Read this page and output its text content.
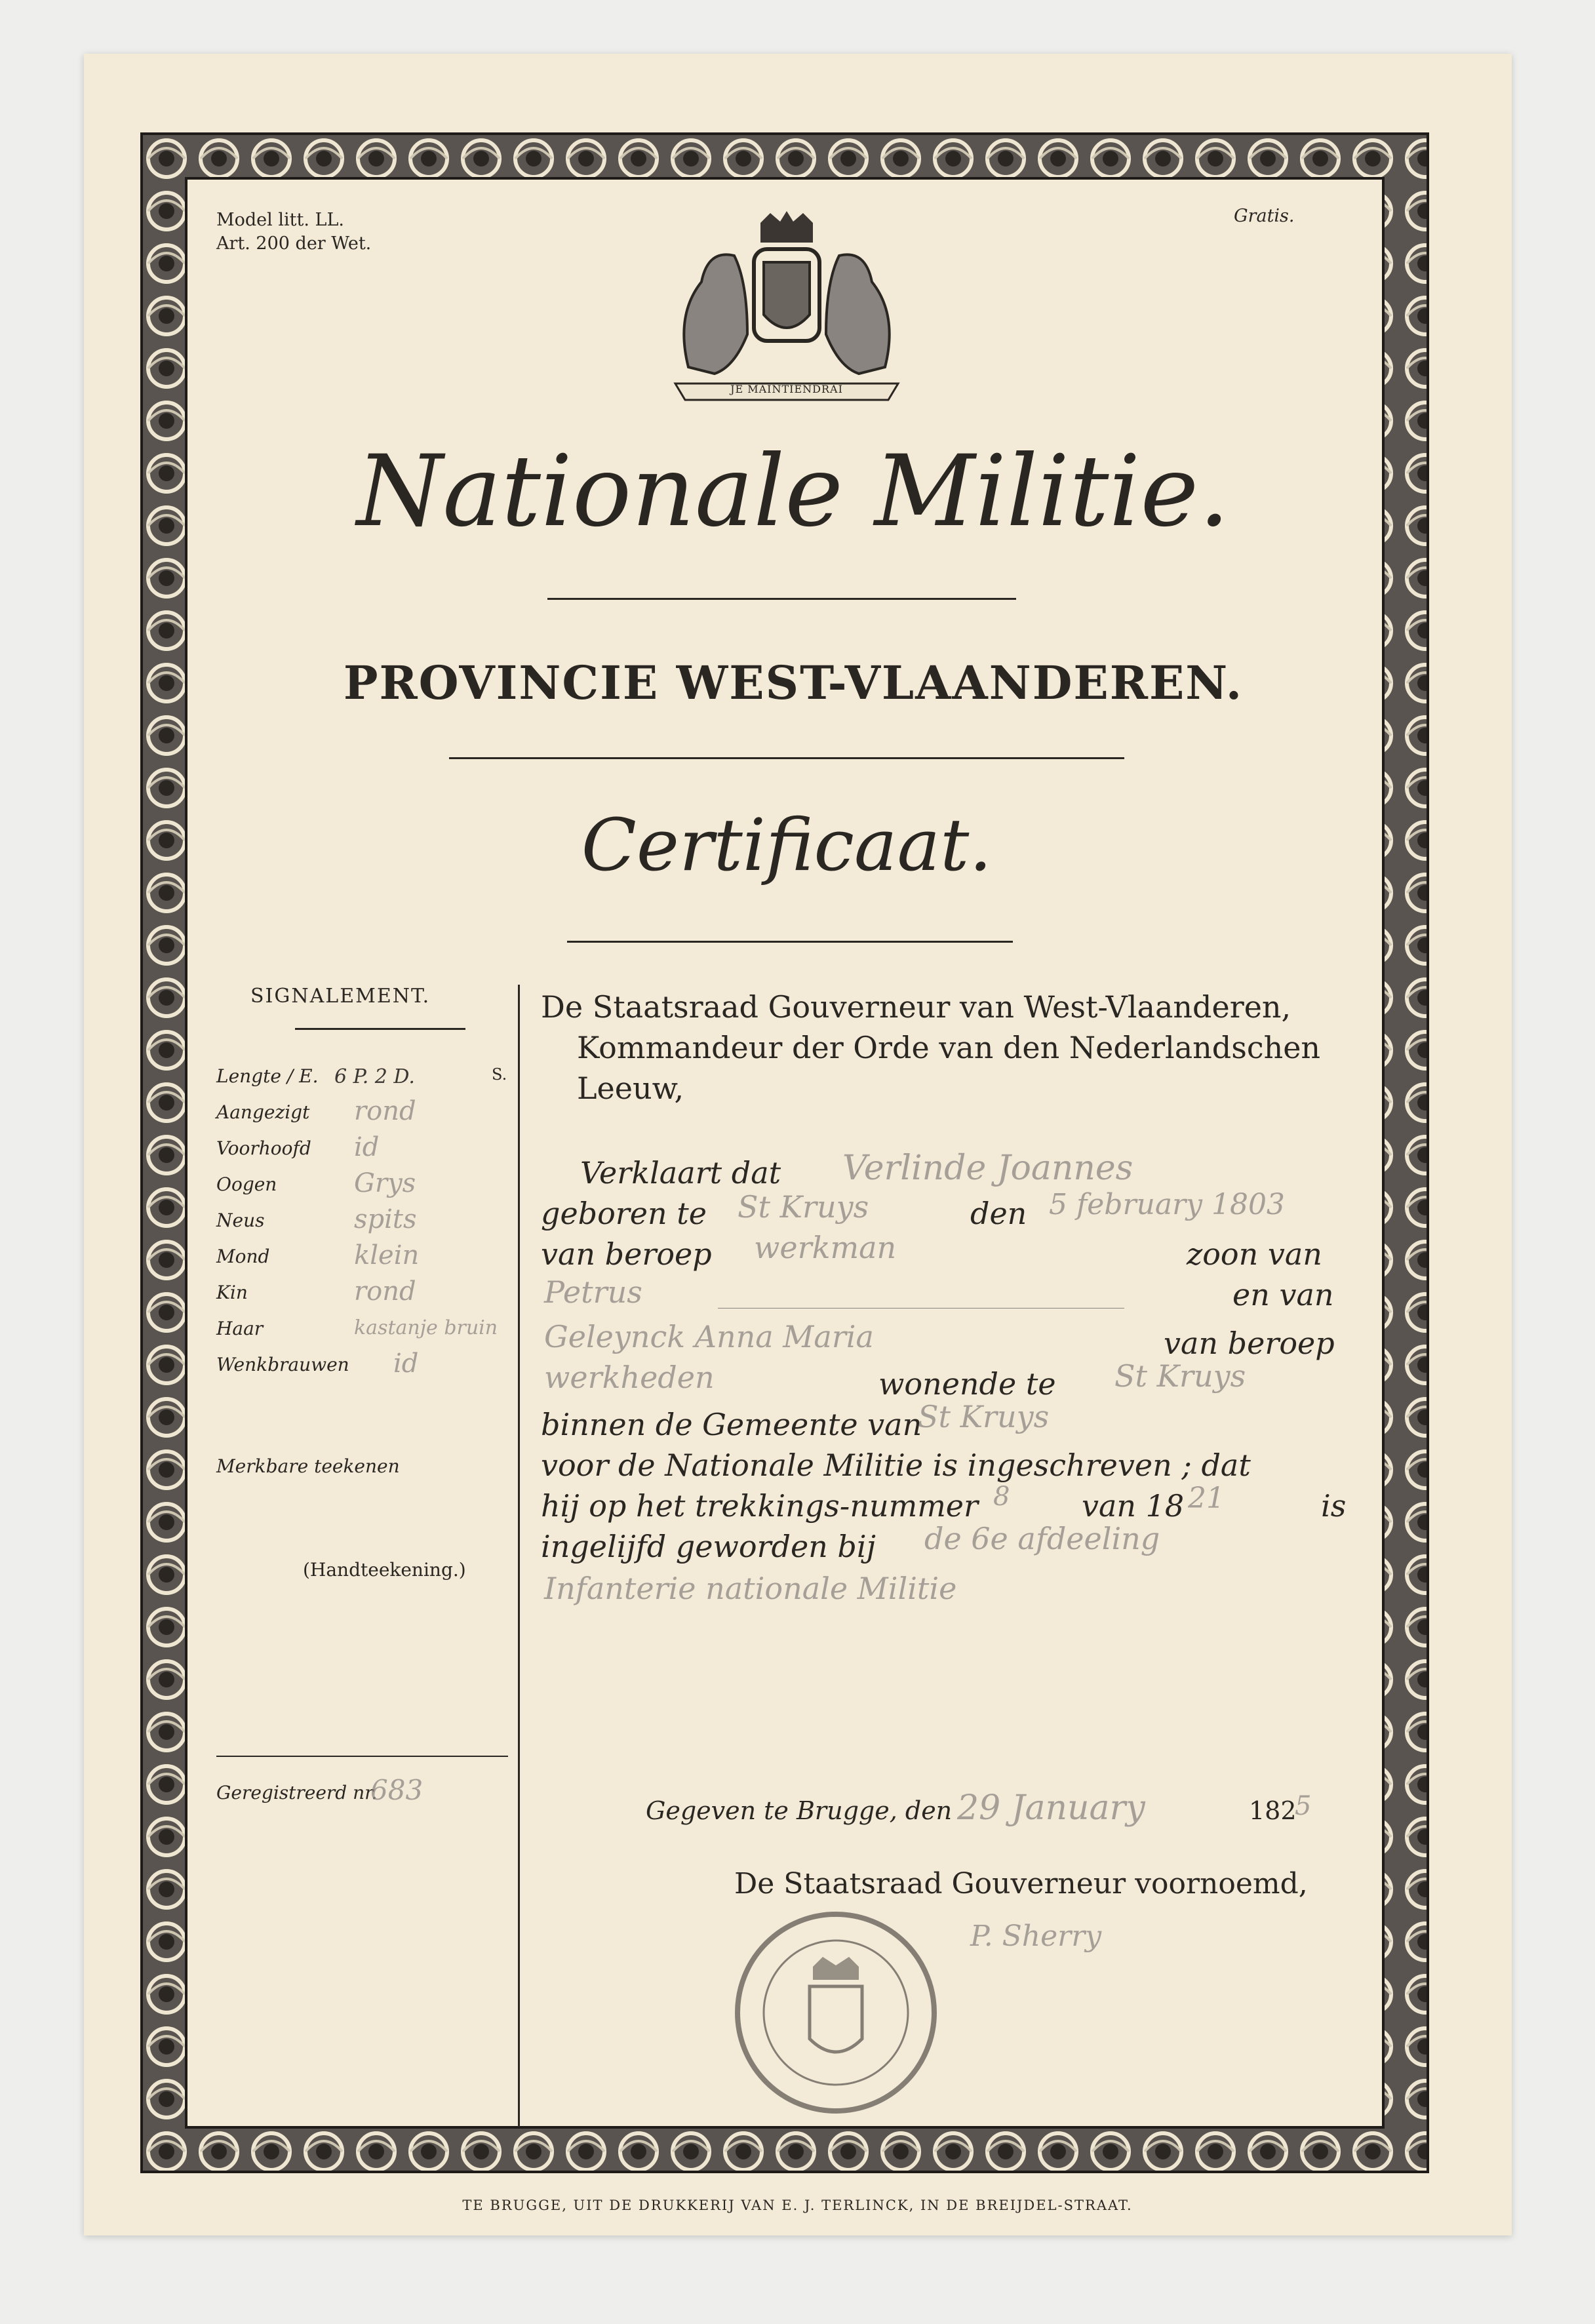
Model litt. LL.
Art. 200 der Wet.
Gratis.
JE MAINTIENDRAI
Nationale Militie.
PROVINCIE WEST-VLAANDEREN.
Certificaat.
SIGNALEMENT.
Lengte / E. 6 P. 2 D.	S.
Aangezigt rond
Voorhoofd id
Oogen	Grys
Neus	spits
Mond	klein
Kin	rond
Haar	kastanje bruin
Wenkbrauwen id
Merkbare teekenen
(Handteekening.)
Geregistreerd nr.
683
De Staatsraad Gouverneur van West-Vlaanderen,
Kommandeur der Orde van den Nederlandschen
Leeuw,
Verklaart dat Verlinde Joannes
geboren te St Kruys	den 5 february 1803
van beroep werkman	zoon van
Petrus	en van
Geleynck Anna Maria	van beroep
werkheden	wonende te St Kruys
binnen de Gemeente van
St Kruys
voor de Nationale Militie is ingeschreven ; dat
hij op het trekkings-nummer 8 van 18 21	is
ingelijfd geworden bij de 6e afdeeling
Infanterie nationale Militie
Gegeven te Brugge, den 29 January	182
5
De Staatsraad Gouverneur voornoemd,
P. Sherry
TE BRUGGE, UIT DE DRUKKERIJ VAN E. J. TERLINCK, IN DE BREIJDEL-STRAAT.
